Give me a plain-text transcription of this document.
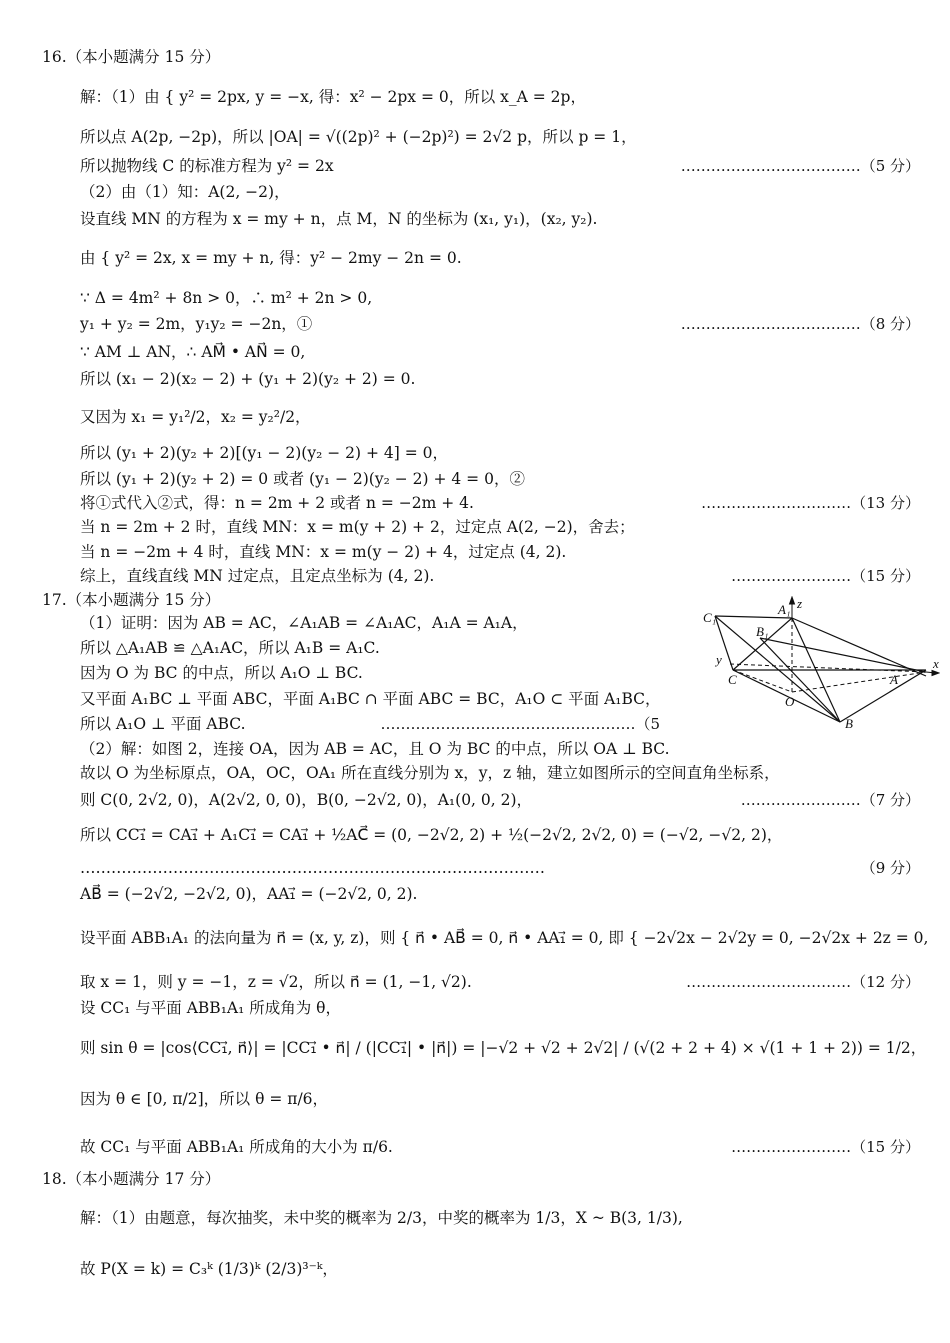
16.（本小题满分 15 分）
解：（1）由 { y² = 2px, y = −x, 得：x² − 2px = 0，所以 x_A = 2p，
所以点 A(2p, −2p)，所以 |OA| = √((2p)² + (−2p)²) = 2√2 p，所以 p = 1，
所以抛物线 C 的标准方程为 y² = 2x	………………………………（5 分）
（2）由（1）知：A(2, −2)，
设直线 MN 的方程为 x = my + n，点 M，N 的坐标为 (x₁, y₁)，(x₂, y₂).
由 { y² = 2x, x = my + n, 得：y² − 2my − 2n = 0.
∵ Δ = 4m² + 8n > 0，∴ m² + 2n > 0,
y₁ + y₂ = 2m，y₁y₂ = −2n，①	………………………………（8 分）
∵ AM ⊥ AN，∴ AM⃗ • AN⃗ = 0,
所以 (x₁ − 2)(x₂ − 2) + (y₁ + 2)(y₂ + 2) = 0.
又因为 x₁ = y₁²/2，x₂ = y₂²/2，
所以 (y₁ + 2)(y₂ + 2)[(y₁ − 2)(y₂ − 2) + 4] = 0，
所以 (y₁ + 2)(y₂ + 2) = 0 或者 (y₁ − 2)(y₂ − 2) + 4 = 0，②
将①式代入②式，得：n = 2m + 2 或者 n = −2m + 4.	…………………………（13 分）
当 n = 2m + 2 时，直线 MN：x = m(y + 2) + 2，过定点 A(2, −2)，舍去；
当 n = −2m + 4 时，直线 MN：x = m(y − 2) + 4，过定点 (4, 2).
综上，直线直线 MN 过定点，且定点坐标为 (4, 2).	……………………（15 分）
17.（本小题满分 15 分）
（1）证明：因为 AB = AC，∠A₁AB = ∠A₁AC，A₁A = A₁A，
所以 △A₁AB ≌ △A₁AC，所以 A₁B = A₁C.
因为 O 为 BC 的中点，所以 A₁O ⊥ BC.
又平面 A₁BC ⊥ 平面 ABC，平面 A₁BC ∩ 平面 ABC = BC，A₁O ⊂ 平面 A₁BC，
所以 A₁O ⊥ 平面 ABC.	……………………………………………（5
（2）解：如图 2，连接 OA，因为 AB = AC，且 O 为 BC 的中点，所以 OA ⊥ BC.
故以 O 为坐标原点，OA，OC，OA₁ 所在直线分别为 x，y，z 轴，建立如图所示的空间直角坐标系，
则 C(0, 2√2, 0)，A(2√2, 0, 0)，B(0, −2√2, 0)，A₁(0, 0, 2)，	……………………（7 分）
所以 CC₁⃗ = CA₁⃗ + A₁C₁⃗ = CA₁⃗ + ½AC⃗ = (0, −2√2, 2) + ½(−2√2, 2√2, 0) = (−√2, −√2, 2)，
………………………………………………………………………………	（9 分）
AB⃗ = (−2√2, −2√2, 0)，AA₁⃗ = (−2√2, 0, 2).
设平面 ABB₁A₁ 的法向量为 n⃗ = (x, y, z)，则 { n⃗ • AB⃗ = 0, n⃗ • AA₁⃗ = 0, 即 { −2√2x − 2√2y = 0, −2√2x + 2z = 0,
取 x = 1，则 y = −1，z = √2，所以 n⃗ = (1, −1, √2).	……………………………（12 分）
设 CC₁ 与平面 ABB₁A₁ 所成角为 θ，
则 sin θ = |cos⟨CC₁⃗, n⃗⟩| = |CC₁⃗ • n⃗| / (|CC₁⃗| • |n⃗|) = |−√2 + √2 + 2√2| / (√(2 + 2 + 4) × √(1 + 1 + 2)) = 1/2，
因为 θ ∈ [0, π/2]，所以 θ = π/6，
故 CC₁ 与平面 ABB₁A₁ 所成角的大小为 π/6.	……………………（15 分）
18.（本小题满分 17 分）
解：（1）由题意，每次抽奖，未中奖的概率为 2/3，中奖的概率为 1/3，X ~ B(3, 1/3),
故 P(X = k) = C₃ᵏ (1/3)ᵏ (2/3)³⁻ᵏ，
C₁
A₁ z
B₁
y	x
C	A
O
B
